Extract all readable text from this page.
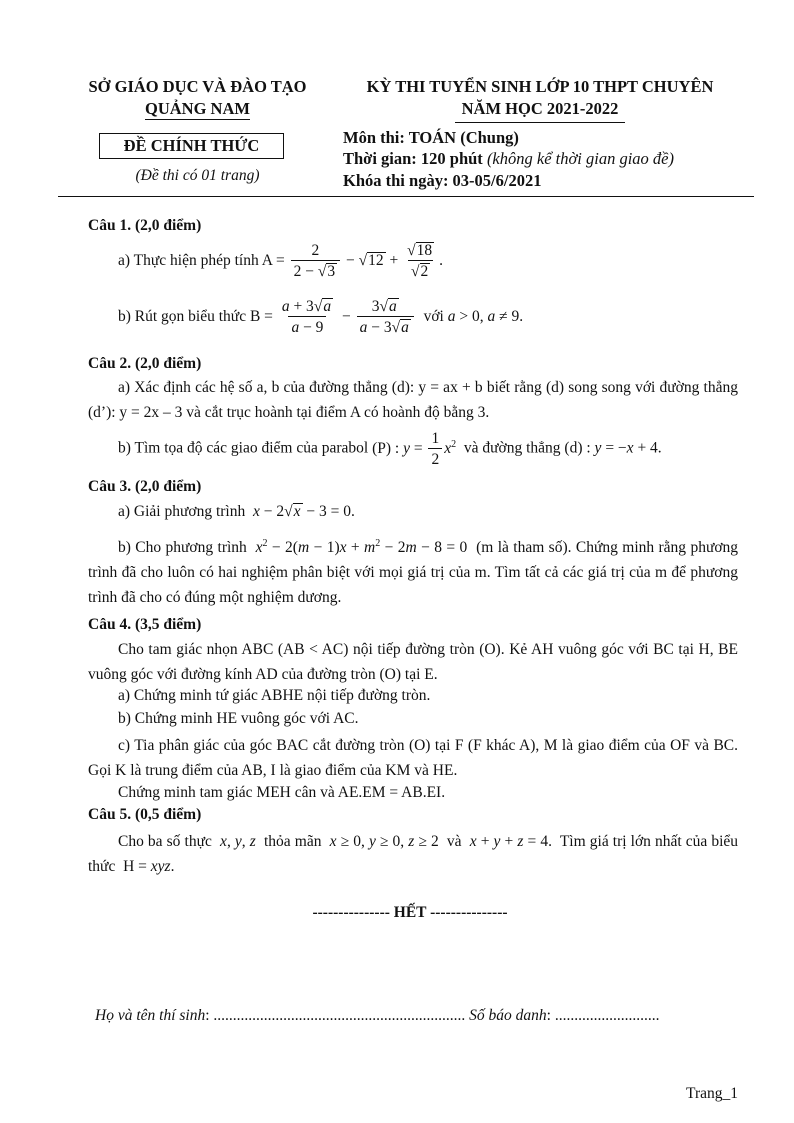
SỞ GIÁO DỤC VÀ ĐÀO TẠO
QUẢNG NAM
ĐỀ CHÍNH THỨC
(Đề thi có 01 trang)
KỲ THI TUYỂN SINH LỚP 10 THPT CHUYÊN
NĂM HỌC 2021-2022
Môn thi: TOÁN (Chung)
Thời gian: 120 phút (không kể thời gian giao đề)
Khóa thi ngày: 03-05/6/2021
Câu 1. (2,0 điểm)
a) Thực hiện phép tính $A = \frac{2}{2 - √ 3}$ − √ 12 + √ 18
√ 2 .
b) Rút gọn biểu thức $B = \frac{a + 3 √ a}{a - 9} - \frac{3 √ a}{a - 3 √ a}$ với a > 0, a ≠ 9.
Câu 2. (2,0 điểm)
a) Xác định các hệ số a, b của đường thẳng (d): y = ax + b biết rằng (d) song song với đường thẳng (d’): y = 2x – 3 và cắt trục hoành tại điểm A có hoành độ bằng 3.
b) Tìm tọa độ các giao điểm của parabol (P) : $y = \frac{1}{2} x^2$ và đường thẳng (d) : y = −x + 4.
Câu 3. (2,0 điểm)
a) Giải phương trình x − 2 √ x − 3 = 0.
b) Cho phương trình $x^2 - 2(m - 1)x + m^2 - 2m - 8 = 0$  (m là tham số). Chứng minh rằng phương trình đã cho luôn có hai nghiệm phân biệt với mọi giá trị của m. Tìm tất cả các giá trị của m để phương trình đã cho có đúng một nghiệm dương.
Câu 4. (3,5 điểm)
Cho tam giác nhọn ABC (AB < AC) nội tiếp đường tròn (O). Kẻ AH vuông góc với BC tại H, BE vuông góc với đường kính AD của đường tròn (O) tại E.
a) Chứng minh tứ giác ABHE nội tiếp đường tròn.
b) Chứng minh HE vuông góc với AC.
c) Tia phân giác của góc BAC cắt đường tròn (O) tại F (F khác A), M là giao điểm của OF và BC. Gọi K là trung điểm của AB, I là giao điểm của KM và HE.
Chứng minh tam giác MEH cân và AE.EM = AB.EI.
Câu 5. (0,5 điểm)
Cho ba số thực x, y, z thỏa mãn x ≥ 0, y ≥ 0, z ≥ 2  và x + y + z = 4.  Tìm giá trị lớn nhất của biểu thức  H = xyz.
--------------- HẾT ---------------
Họ và tên thí sinh: ................................................................. Số báo danh: ...........................
Trang_1
